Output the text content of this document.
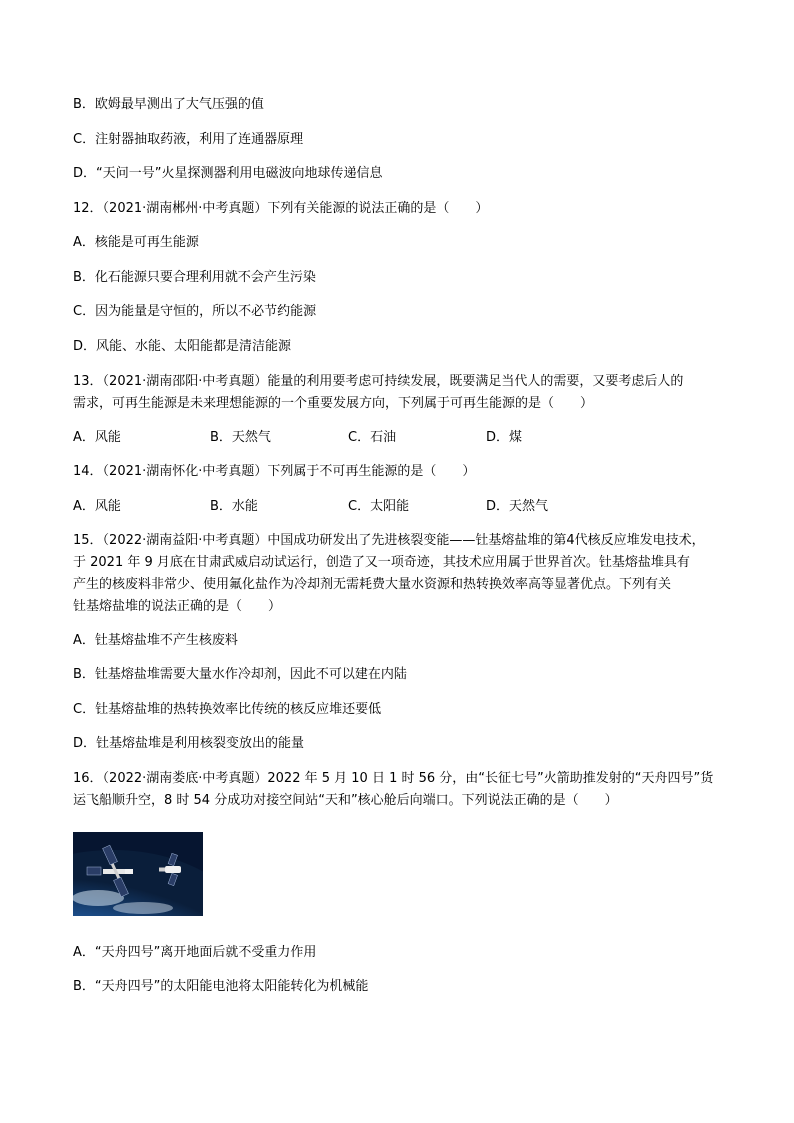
B．欧姆最早测出了大气压强的值

C．注射器抽取药液，利用了连通器原理

D．“天问一号”火星探测器利用电磁波向地球传递信息

12．（2021·湖南郴州·中考真题）下列有关能源的说法正确的是（　　）

A．核能是可再生能源

B．化石能源只要合理利用就不会产生污染

C．因为能量是守恒的，所以不必节约能源

D．风能、水能、太阳能都是清洁能源

13．（2021·湖南邵阳·中考真题）能量的利用要考虑可持续发展，既要满足当代人的需要，又要考虑后人的

需求，可再生能源是未来理想能源的一个重要发展方向，下列属于可再生能源的是（　　）

A．风能	B．天然气	C．石油	D．煤

14．（2021·湖南怀化·中考真题）下列属于不可再生能源的是（　　）

A．风能	B．水能	C．太阳能	D．天然气

15．（2022·湖南益阳·中考真题）中国成功研发出了先进核裂变能——钍基熔盐堆的第4代核反应堆发电技术，

于 2021 年 9 月底在甘肃武威启动试运行，创造了又一项奇迹，其技术应用属于世界首次。钍基熔盐堆具有

产生的核废料非常少、使用氟化盐作为冷却剂无需耗费大量水资源和热转换效率高等显著优点。下列有关

钍基熔盐堆的说法正确的是（　　）

A．钍基熔盐堆不产生核废料

B．钍基熔盐堆需要大量水作冷却剂，因此不可以建在内陆

C．钍基熔盐堆的热转换效率比传统的核反应堆还要低

D．钍基熔盐堆是利用核裂变放出的能量

16．（2022·湖南娄底·中考真题）2022 年 5 月 10 日 1 时 56 分，由“长征七号”火箭助推发射的“天舟四号”货

运飞船顺升空，8 时 54 分成功对接空间站“天和”核心舱后向端口。下列说法正确的是（　　）

A．“天舟四号”离开地面后就不受重力作用

B．“天舟四号”的太阳能电池将太阳能转化为机械能
